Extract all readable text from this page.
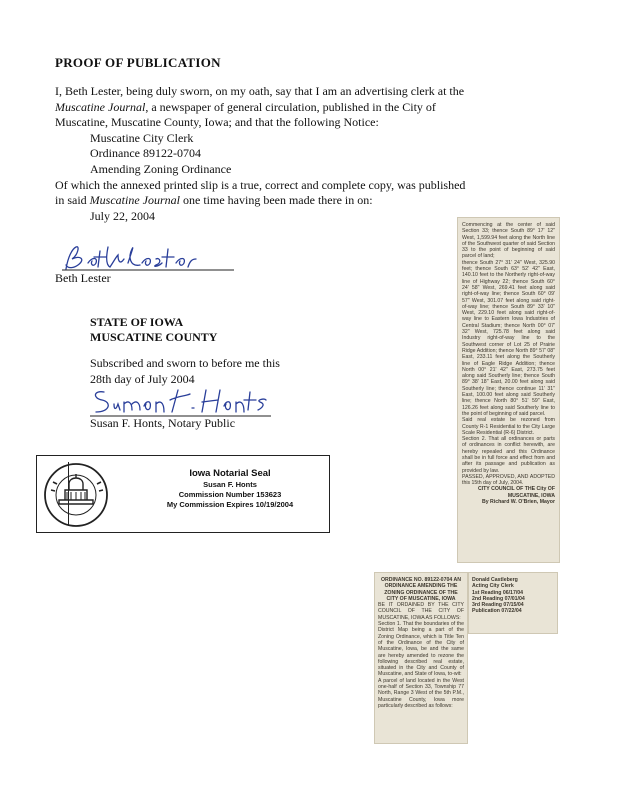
PROOF OF PUBLICATION

I, Beth Lester, being duly sworn, on my oath, say that I am an advertising clerk at the

Muscatine Journal, a newspaper of general circulation, published in the City of

Muscatine, Muscatine County, Iowa; and that the following Notice:

Muscatine City Clerk

Ordinance 89122-0704

Amending Zoning Ordinance

Of which the annexed printed slip is a true, correct and complete copy, was published

in said Muscatine Journal one time having been made there in on:

July 22, 2004

Beth Lester
STATE OF IOWA
MUSCATINE COUNTY
Subscribed and sworn to before me this
28th day of July 2004
Susan F. Honts, Notary Public
Iowa Notarial Seal
Susan F. Honts
Commission Number 153623
My Commission Expires 10/19/2004

Commencing at the center of said Section 33; thence South 89° 17' 12" West, 1,599.94 feet along the North line of the Southwest quarter of said Section 33 to the point of beginning of said parcel of land;

thence South 27° 31' 24" West, 325.90 feet; thence South 63° 52' 42" East, 140.10 feet to the Northerly right-of-way line of Highway 22; thence South 60° 24' 58" West, 269.41 feet along said right-of-way line; thence South 60° 09' 57" West, 301.07 feet along said right-of-way line; thence South 89° 33' 10" West, 229.10 feet along said right-of-way line to Eastern Iowa Industries of Central Stadium; thence North 00° 07' 32" West, 725.78 feet along said Industry right-of-way line to the Southwest corner of Lot 25 of Prairie Ridge Addition; thence North 89° 57' 08" East, 233.11 feet along the Southerly line of Eagle Ridge Addition; thence North 00° 21' 42" East, 273.75 feet along said Southerly line; thence South 89° 38' 18" East, 20.00 feet along said Southerly line; thence continue 11' 31" East, 100.00 feet along said Southerly line; thence North 80° 51' 59" East, 126.26 feet along said Southerly line to the point of beginning of said parcel.

Said real estate be rezoned from County R-1 Residential to the City Large Scale Residential (R-6) District.

Section 2. That all ordinances or parts of ordinances in conflict herewith, are hereby repealed and this Ordinance shall be in full force and effect from and after its passage and publication as provided by law.

PASSED, APPROVED, AND ADOPTED this 15th day of July, 2004.

CITY COUNCIL OF THE City OF MUSCATINE, IOWA

By Richard W. O'Brien, Mayor

ORDINANCE NO. 89122-0704 AN ORDINANCE AMENDING THE ZONING ORDINANCE OF THE CITY OF MUSCATINE, IOWA

BE IT ORDAINED BY THE CITY COUNCIL OF THE CITY OF MUSCATINE, IOWA AS FOLLOWS:

Section 1. That the boundaries of the District Map being a part of the Zoning Ordinance, which is Title Ten of the Ordinance of the City of Muscatine, Iowa, be and the same are hereby amended to rezone the following described real estate, situated in the City and County of Muscatine, and State of Iowa, to-wit:

A parcel of land located in the West one-half of Section 33, Township 77 North, Range 3 West of the 5th P.M., Muscatine County, Iowa more particularly described as follows:

Donald Castleberg

Acting City Clerk

1st Reading 06/17/04

2nd Reading 07/01/04

3rd Reading 07/15/04

Publication 07/22/04
